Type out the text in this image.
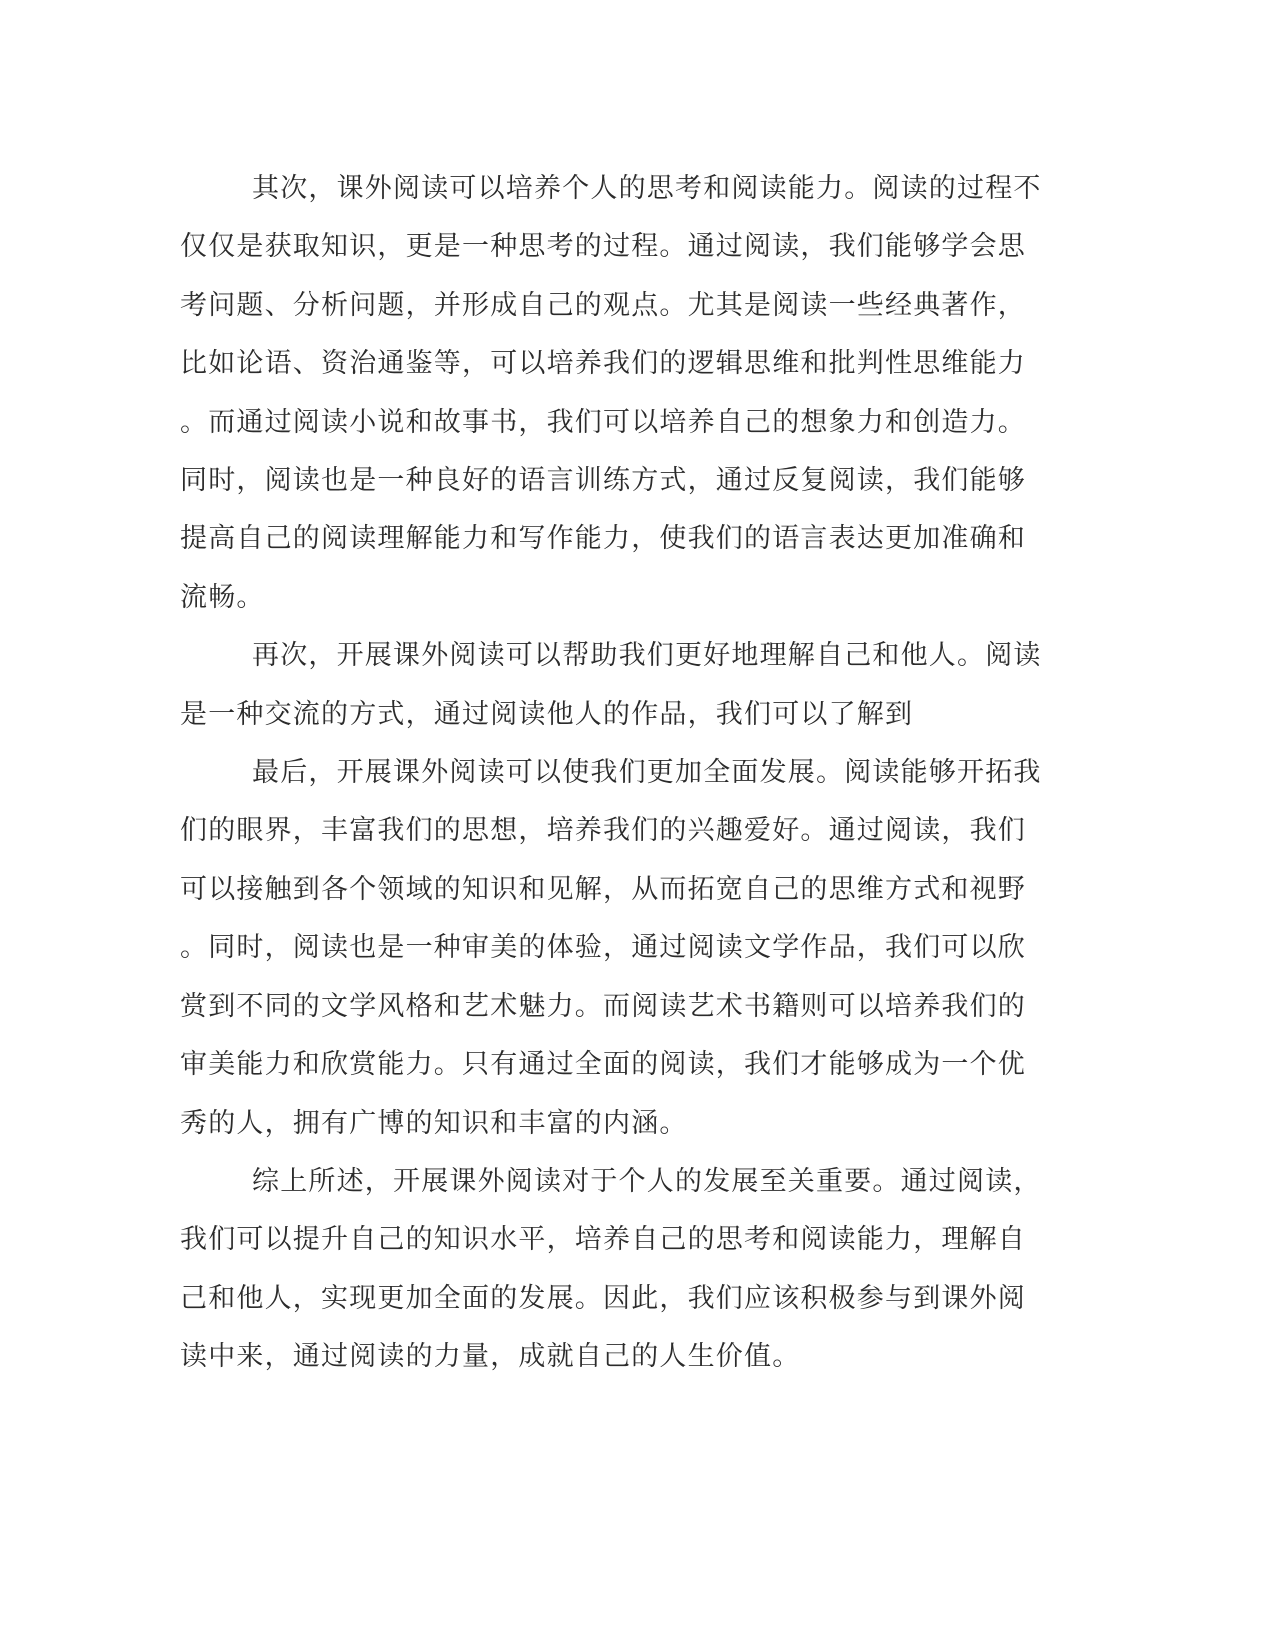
其次，课外阅读可以培养个人的思考和阅读能力。阅读的过程不
仅仅是获取知识，更是一种思考的过程。通过阅读，我们能够学会思
考问题、分析问题，并形成自己的观点。尤其是阅读一些经典著作，
比如论语、资治通鉴等，可以培养我们的逻辑思维和批判性思维能力
。而通过阅读小说和故事书，我们可以培养自己的想象力和创造力。
同时，阅读也是一种良好的语言训练方式，通过反复阅读，我们能够
提高自己的阅读理解能力和写作能力，使我们的语言表达更加准确和
流畅。
再次，开展课外阅读可以帮助我们更好地理解自己和他人。阅读
是一种交流的方式，通过阅读他人的作品，我们可以了解到
最后，开展课外阅读可以使我们更加全面发展。阅读能够开拓我
们的眼界，丰富我们的思想，培养我们的兴趣爱好。通过阅读，我们
可以接触到各个领域的知识和见解，从而拓宽自己的思维方式和视野
。同时，阅读也是一种审美的体验，通过阅读文学作品，我们可以欣
赏到不同的文学风格和艺术魅力。而阅读艺术书籍则可以培养我们的
审美能力和欣赏能力。只有通过全面的阅读，我们才能够成为一个优
秀的人，拥有广博的知识和丰富的内涵。
综上所述，开展课外阅读对于个人的发展至关重要。通过阅读，
我们可以提升自己的知识水平，培养自己的思考和阅读能力，理解自
己和他人，实现更加全面的发展。因此，我们应该积极参与到课外阅
读中来，通过阅读的力量，成就自己的人生价值。
